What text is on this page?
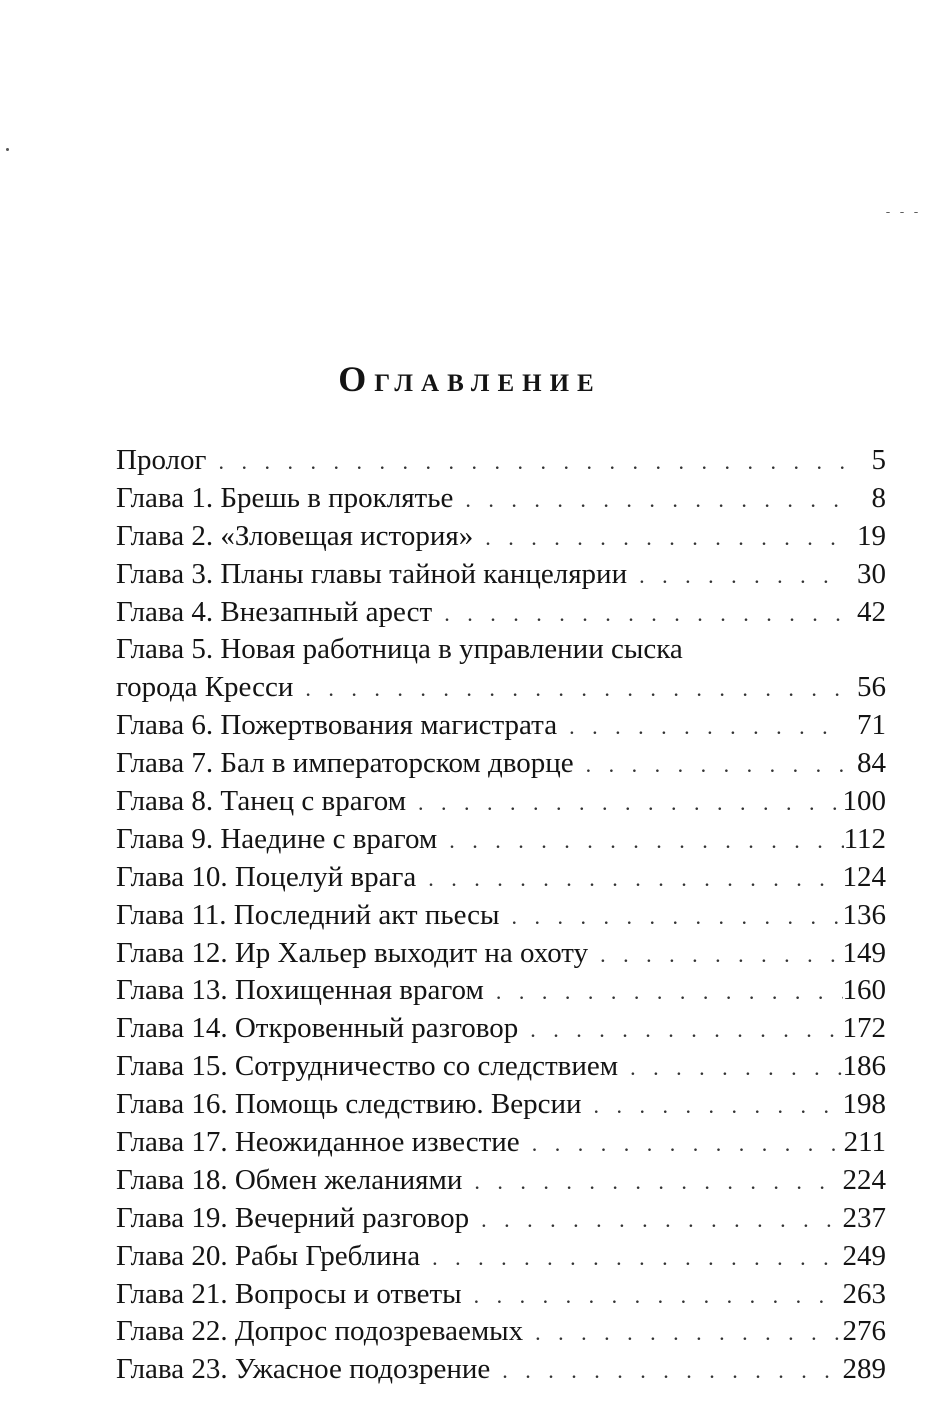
Оглавление
Пролог . . .	5
Глава 1. Брешь в проклятье . . .	8
Глава 2. «Зловещая история» . . .	19
Глава 3. Планы главы тайной канцелярии . . .	30
Глава 4. Внезапный арест . . .	42
Глава 5. Новая работница в управлении сыска
города Кресси . . .	56
Глава 6. Пожертвования магистрата . . .	71
Глава 7. Бал в императорском дворце . . .	84
Глава 8. Танец с врагом . . .	100
Глава 9. Наедине с врагом . . .	112
Глава 10. Поцелуй врага . . .	124
Глава 11. Последний акт пьесы . . .	136
Глава 12. Ир Хальер выходит на охоту . . .	149
Глава 13. Похищенная врагом . . .	160
Глава 14. Откровенный разговор . . .	172
Глава 15. Сотрудничество со следствием . . .	186
Глава 16. Помощь следствию. Версии . . .	198
Глава 17. Неожиданное известие . . .	211
Глава 18. Обмен желаниями . . .	224
Глава 19. Вечерний разговор . . .	237
Глава 20. Рабы Греблина . . .	249
Глава 21. Вопросы и ответы . . .	263
Глава 22. Допрос подозреваемых . . .	276
Глава 23. Ужасное подозрение . . .	289
